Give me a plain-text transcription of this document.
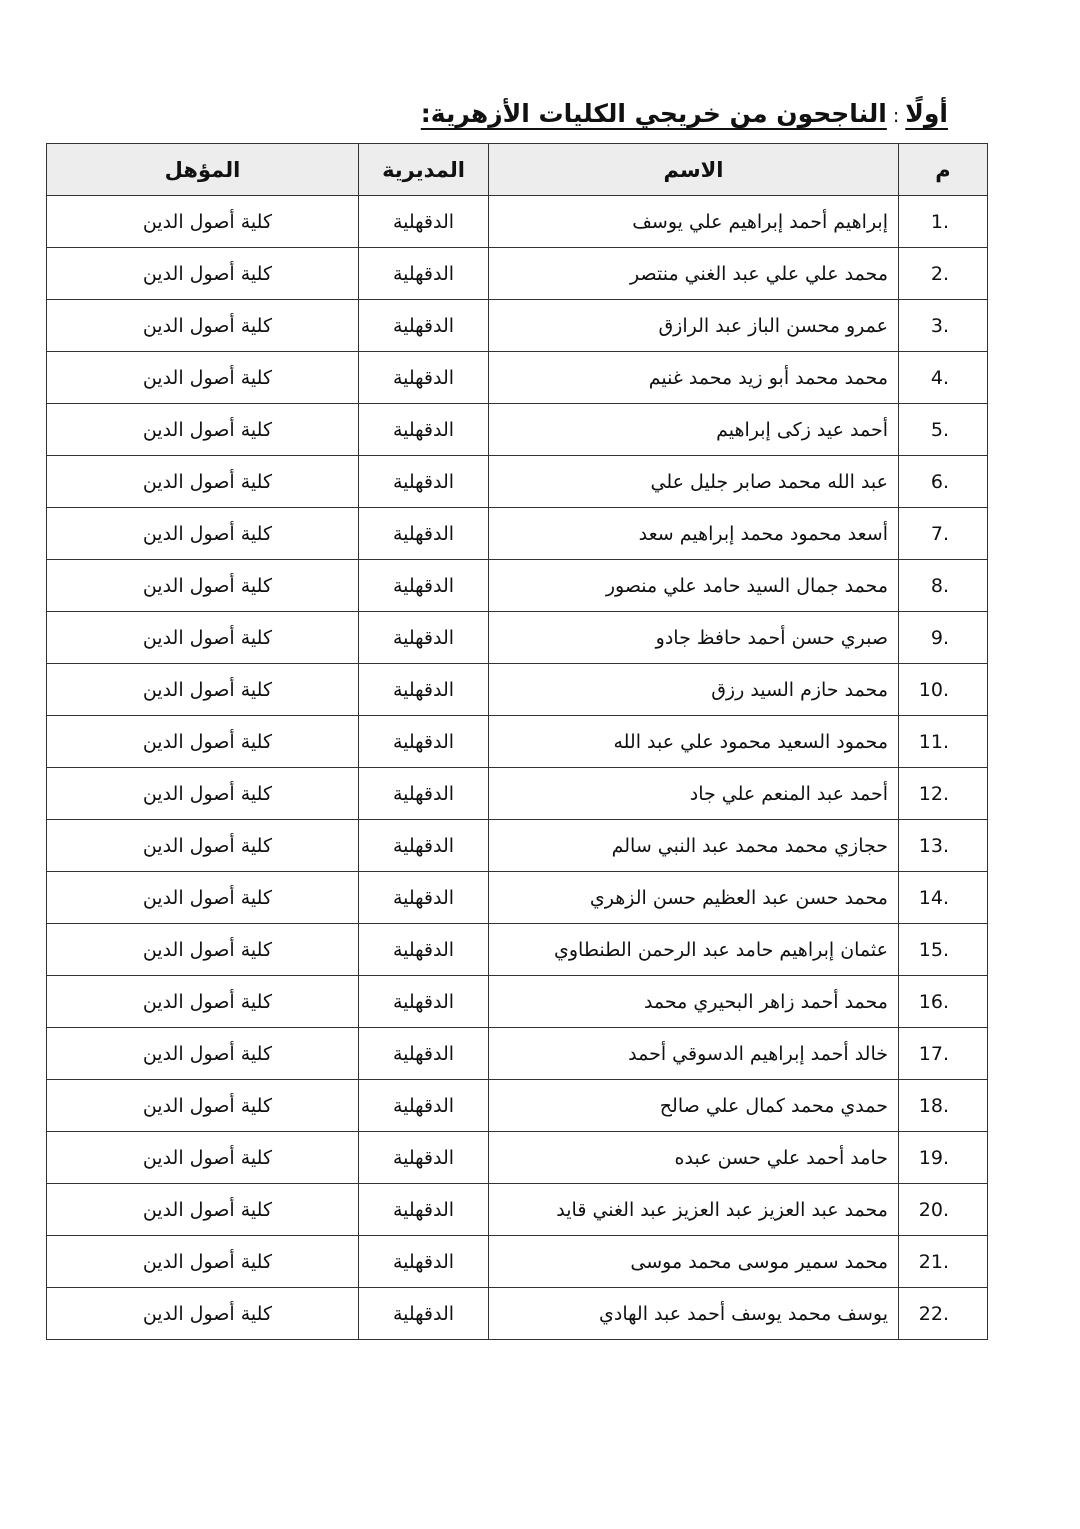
أولًا:الناجحون من خريجي الكليات الأزهرية:
م	الاسم	المديرية	المؤهل
1.	إبراهيم أحمد إبراهيم علي يوسف	الدقهلية	كلية أصول الدين
2.	محمد علي علي عبد الغني منتصر	الدقهلية	كلية أصول الدين
3.	عمرو محسن الباز عبد الرازق	الدقهلية	كلية أصول الدين
4.	محمد محمد أبو زيد محمد غنيم	الدقهلية	كلية أصول الدين
5.	أحمد عيد زكى إبراهيم	الدقهلية	كلية أصول الدين
6.	عبد الله محمد صابر جليل علي	الدقهلية	كلية أصول الدين
7.	أسعد محمود محمد إبراهيم سعد	الدقهلية	كلية أصول الدين
8.	محمد جمال السيد حامد علي منصور	الدقهلية	كلية أصول الدين
9.	صبري حسن أحمد حافظ جادو	الدقهلية	كلية أصول الدين
10.	محمد حازم السيد رزق	الدقهلية	كلية أصول الدين
11.	محمود السعيد محمود علي عبد الله	الدقهلية	كلية أصول الدين
12.	أحمد عبد المنعم علي جاد	الدقهلية	كلية أصول الدين
13.	حجازي محمد محمد عبد النبي سالم	الدقهلية	كلية أصول الدين
14.	محمد حسن عبد العظيم حسن الزهري	الدقهلية	كلية أصول الدين
15.	عثمان إبراهيم حامد عبد الرحمن الطنطاوي	الدقهلية	كلية أصول الدين
16.	محمد أحمد زاهر البحيري محمد	الدقهلية	كلية أصول الدين
17.	خالد أحمد إبراهيم الدسوقي أحمد	الدقهلية	كلية أصول الدين
18.	حمدي محمد كمال علي صالح	الدقهلية	كلية أصول الدين
19.	حامد أحمد علي حسن عبده	الدقهلية	كلية أصول الدين
20.	محمد عبد العزيز عبد العزيز عبد الغني قايد	الدقهلية	كلية أصول الدين
21.	محمد سمير موسى محمد موسى	الدقهلية	كلية أصول الدين
22.	يوسف محمد يوسف أحمد عبد الهادي	الدقهلية	كلية أصول الدين
